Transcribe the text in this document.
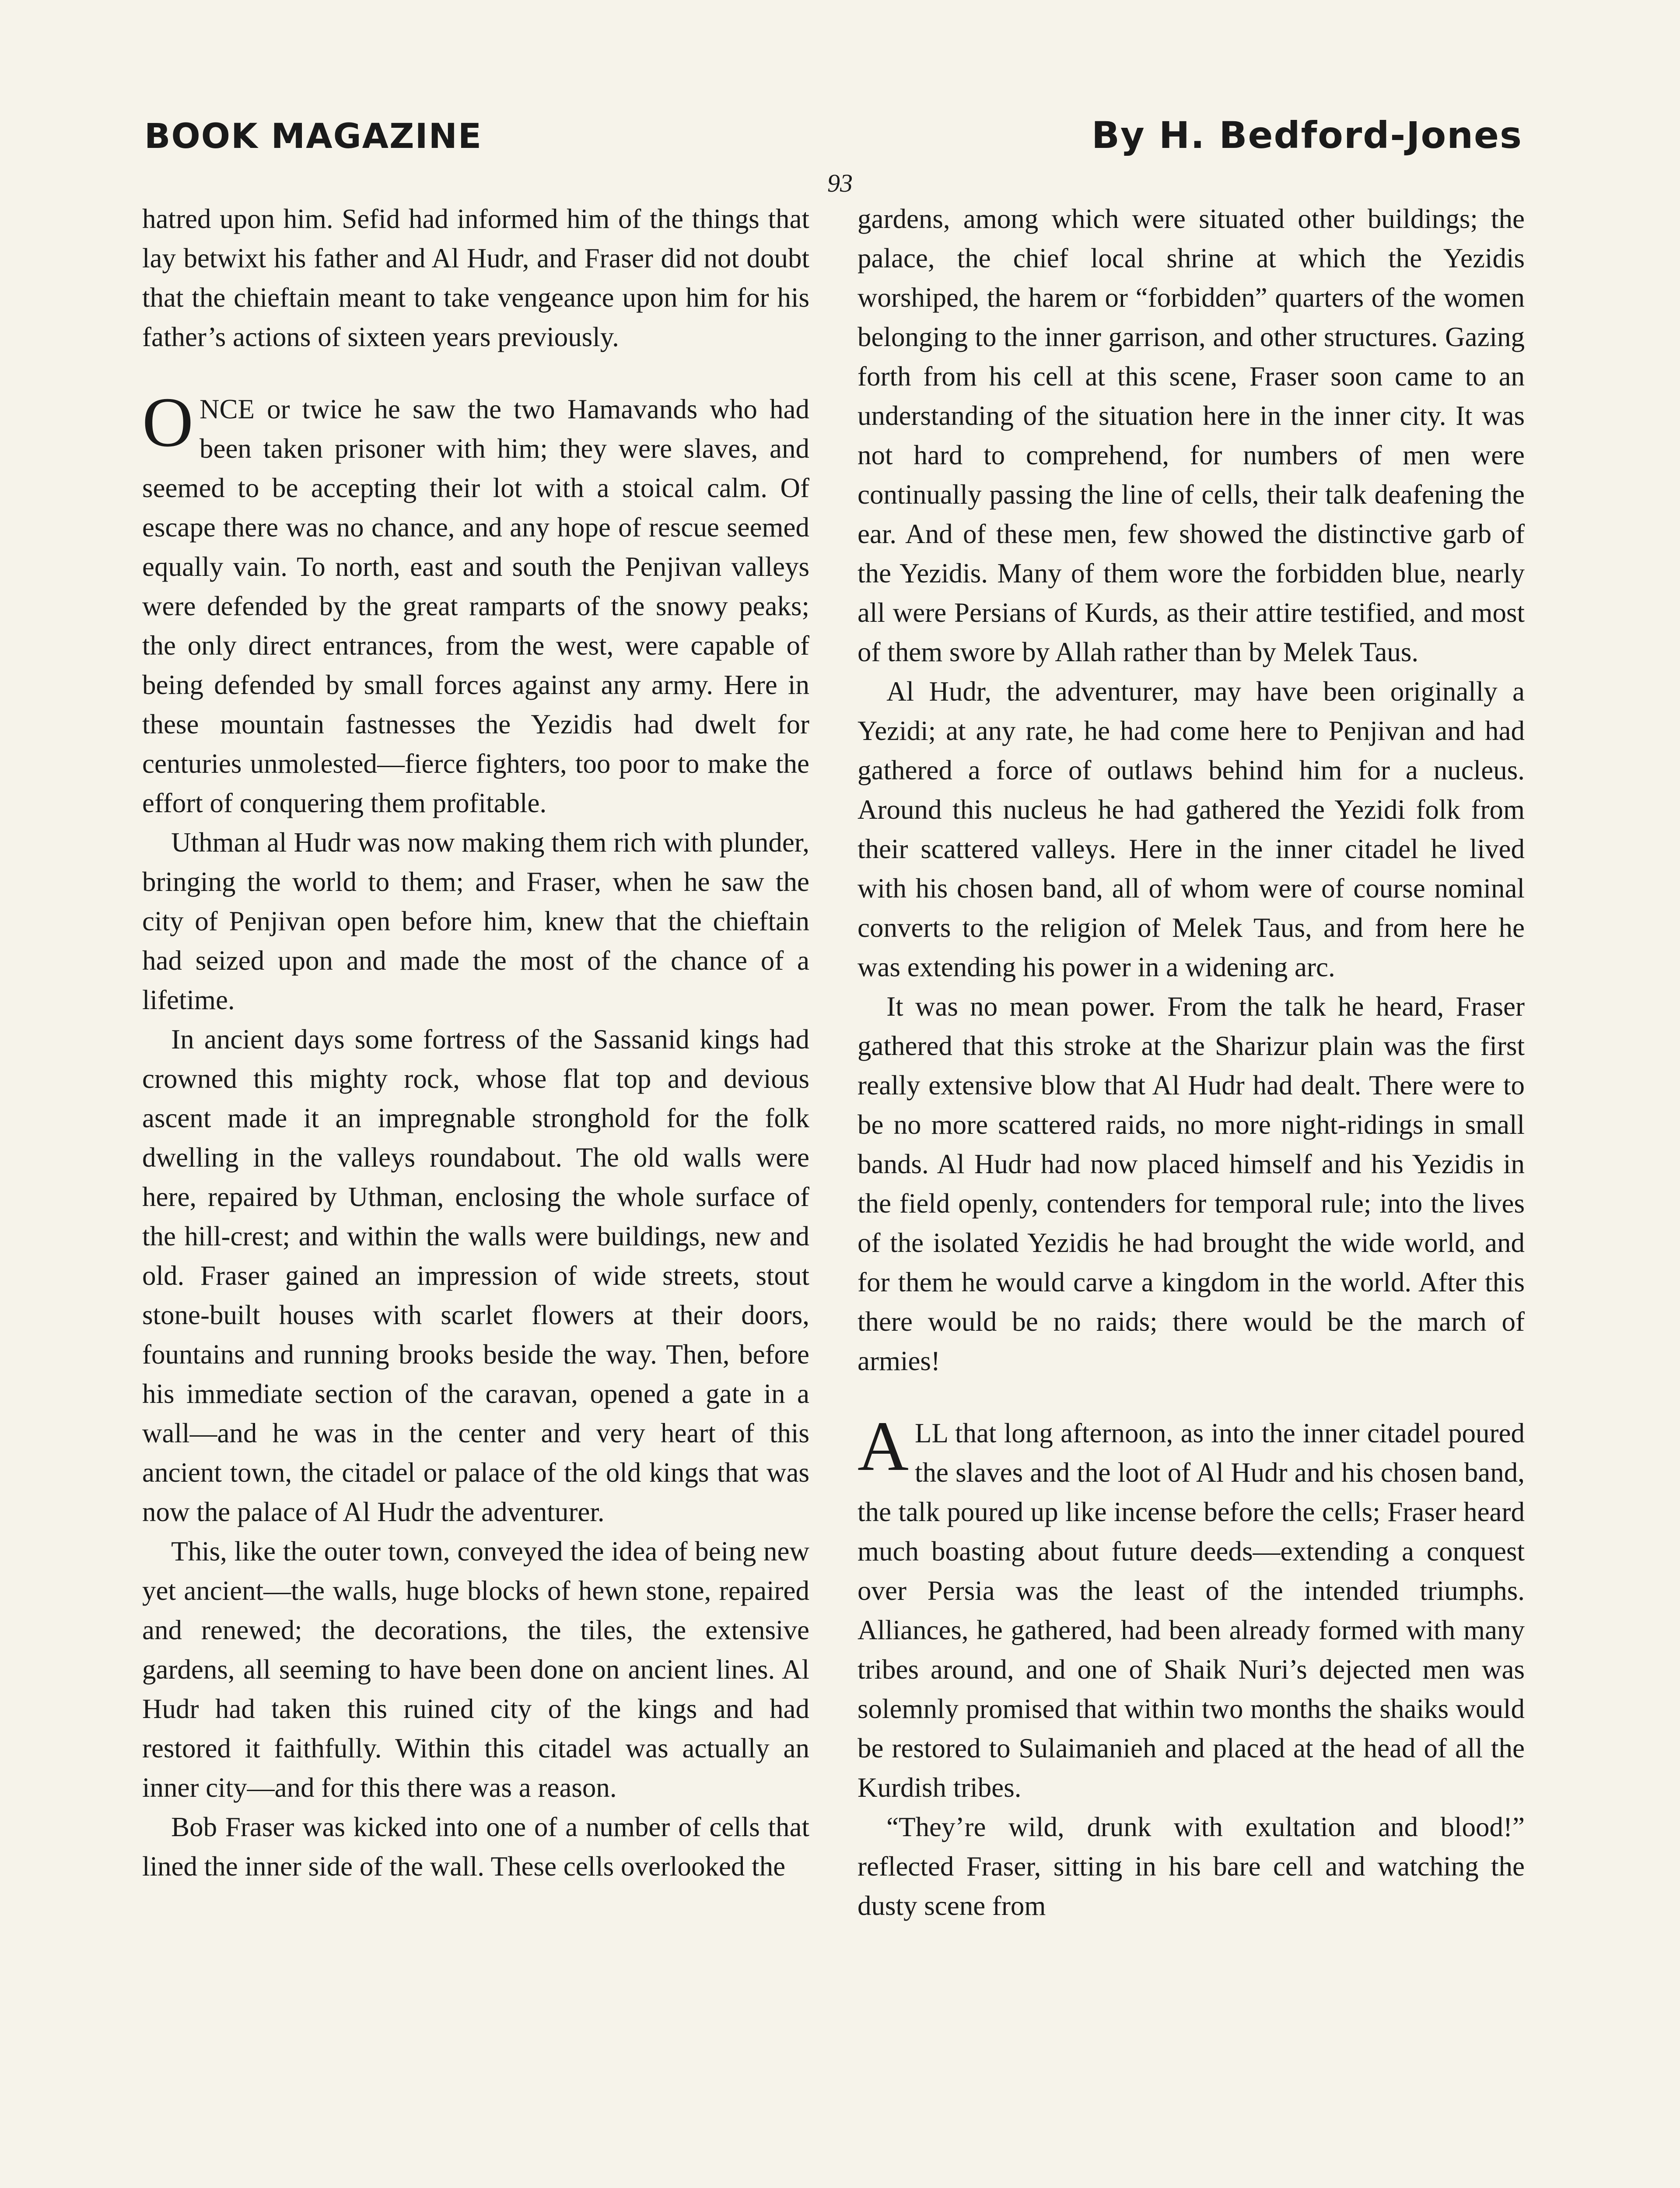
BOOK MAGAZINE	By H. Bedford-Jones
93

hatred upon him. Sefid had informed him of the things that lay betwixt his father and Al Hudr, and Fraser did not doubt that the chieftain meant to take vengeance upon him for his father’s actions of sixteen years previously.

ONCE or twice he saw the two Hamavands who had been taken prisoner with him; they were slaves, and seemed to be accepting their lot with a stoical calm. Of escape there was no chance, and any hope of rescue seemed equally vain. To north, east and south the Penjivan valleys were defended by the great ramparts of the snowy peaks; the only direct entrances, from the west, were capable of being defended by small forces against any army. Here in these mountain fastnesses the Yezidis had dwelt for centuries unmolested—fierce fighters, too poor to make the effort of conquering them profitable.

Uthman al Hudr was now making them rich with plunder, bringing the world to them; and Fraser, when he saw the city of Penjivan open before him, knew that the chieftain had seized upon and made the most of the chance of a lifetime.

In ancient days some fortress of the Sassanid kings had crowned this mighty rock, whose flat top and devious ascent made it an impregnable stronghold for the folk dwelling in the valleys roundabout. The old walls were here, repaired by Uthman, enclosing the whole surface of the hill-crest; and within the walls were buildings, new and old. Fraser gained an impression of wide streets, stout stone-built houses with scarlet flowers at their doors, fountains and running brooks beside the way. Then, before his immediate section of the caravan, opened a gate in a wall—and he was in the center and very heart of this ancient town, the citadel or palace of the old kings that was now the palace of Al Hudr the adventurer.

This, like the outer town, conveyed the idea of being new yet ancient—the walls, huge blocks of hewn stone, repaired and renewed; the decorations, the tiles, the extensive gardens, all seeming to have been done on ancient lines. Al Hudr had taken this ruined city of the kings and had restored it faithfully. Within this citadel was actually an inner city—and for this there was a reason.

Bob Fraser was kicked into one of a number of cells that lined the inner side of the wall. These cells overlooked the

gardens, among which were situated other buildings; the palace, the chief local shrine at which the Yezidis worshiped, the harem or “forbidden” quarters of the women belonging to the inner garrison, and other structures. Gazing forth from his cell at this scene, Fraser soon came to an understanding of the situation here in the inner city. It was not hard to comprehend, for numbers of men were continually passing the line of cells, their talk deafening the ear. And of these men, few showed the distinctive garb of the Yezidis. Many of them wore the forbidden blue, nearly all were Persians of Kurds, as their attire testified, and most of them swore by Allah rather than by Melek Taus.

Al Hudr, the adventurer, may have been originally a Yezidi; at any rate, he had come here to Penjivan and had gathered a force of outlaws behind him for a nucleus. Around this nucleus he had gathered the Yezidi folk from their scattered valleys. Here in the inner citadel he lived with his chosen band, all of whom were of course nominal converts to the religion of Melek Taus, and from here he was extending his power in a widening arc.

It was no mean power. From the talk he heard, Fraser gathered that this stroke at the Sharizur plain was the first really extensive blow that Al Hudr had dealt. There were to be no more scattered raids, no more night-ridings in small bands. Al Hudr had now placed himself and his Yezidis in the field openly, contenders for temporal rule; into the lives of the isolated Yezidis he had brought the wide world, and for them he would carve a kingdom in the world. After this there would be no raids; there would be the march of armies!

ALL that long afternoon, as into the inner citadel poured the slaves and the loot of Al Hudr and his chosen band, the talk poured up like incense before the cells; Fraser heard much boasting about future deeds—extending a conquest over Persia was the least of the intended triumphs. Alliances, he gathered, had been already formed with many tribes around, and one of Shaik Nuri’s dejected men was solemnly promised that within two months the shaiks would be restored to Sulaimanieh and placed at the head of all the Kurdish tribes.

“They’re wild, drunk with exultation and blood!” reflected Fraser, sitting in his bare cell and watching the dusty scene from
